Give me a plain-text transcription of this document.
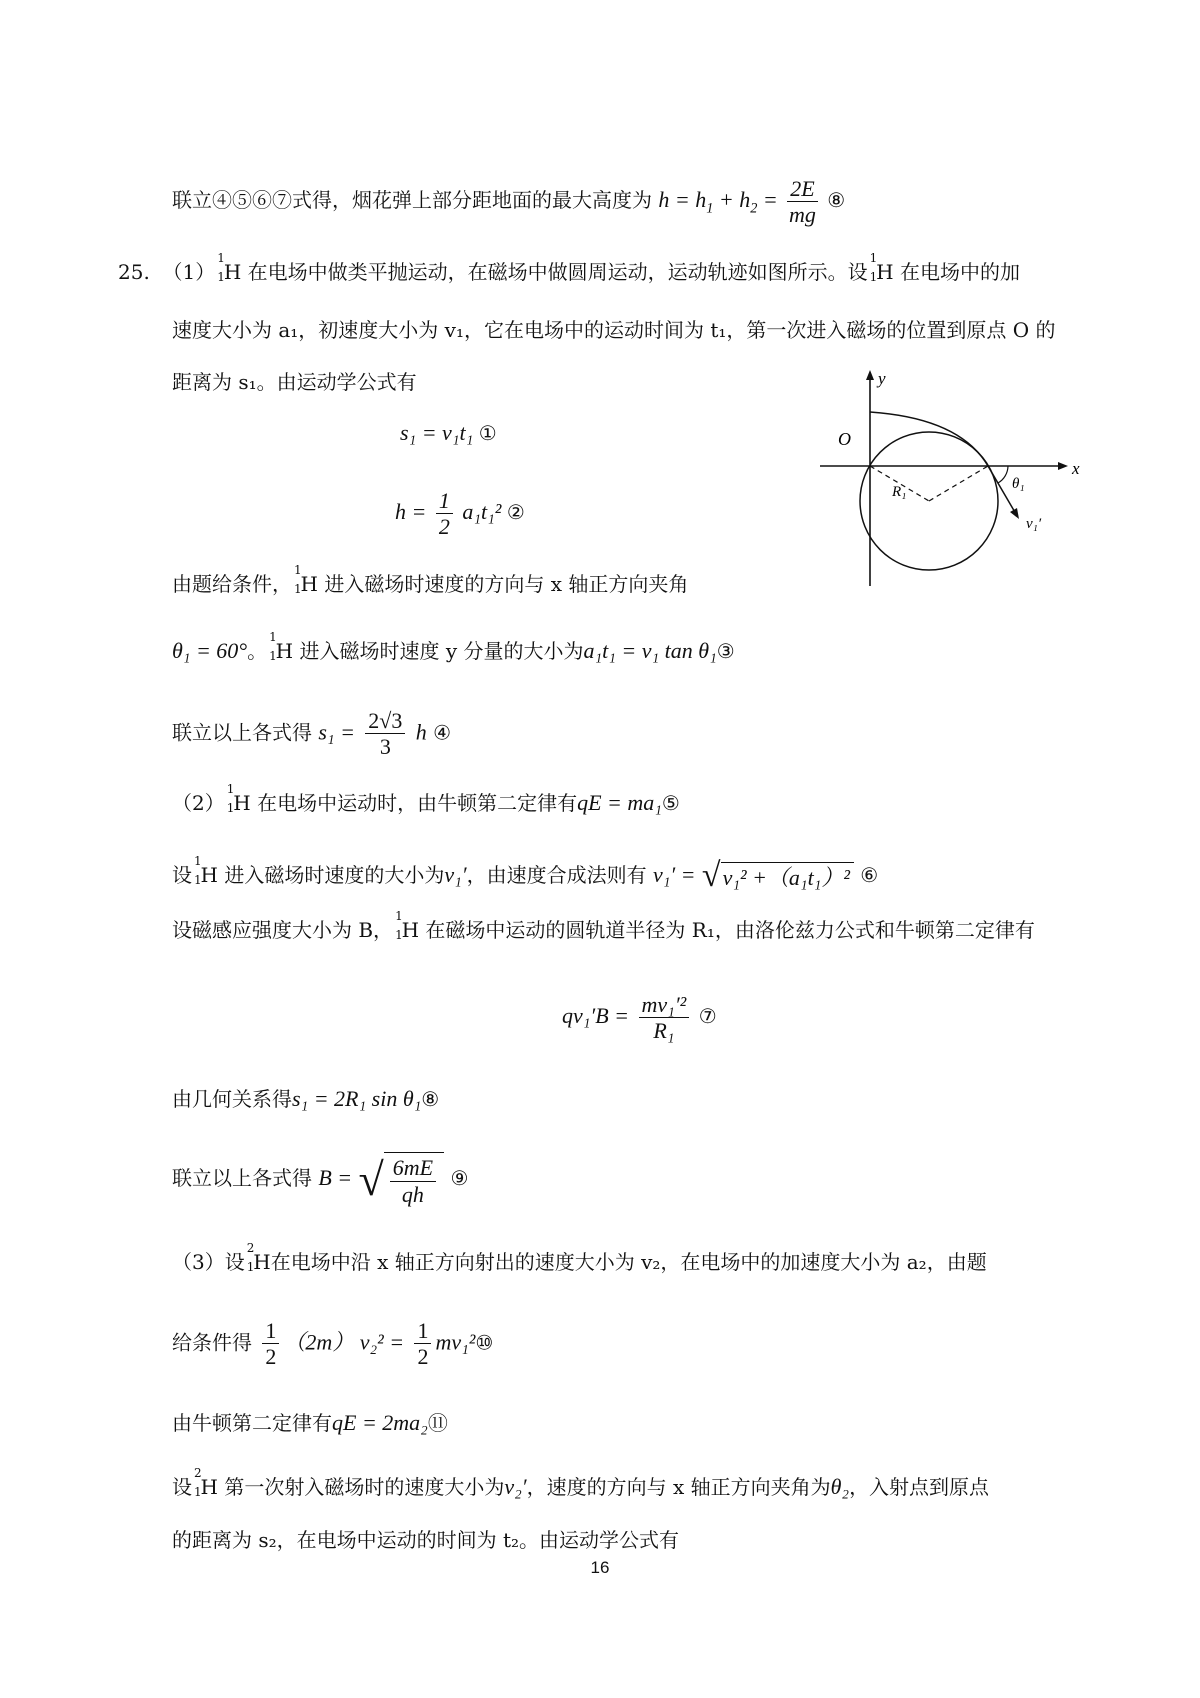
联立④⑤⑥⑦式得，烟花弹上部分距地面的最大高度为 $h = h_1 + h_2 = \frac{2E}{mg}$ ⑧
25. （1）
1
1
H 在电场中做类平抛运动，在磁场中做圆周运动，运动轨迹如图所示。设
1
1
H 在电场中的加
速度大小为 a₁，初速度大小为 v₁，它在电场中的运动时间为 t₁，第一次进入磁场的位置到原点 O 的
距离为 s₁。由运动学公式有
s₁ = v₁t₁ ①
$h = \frac{1}{2} a_1t_1^2$ ②
y
x
O
θ₁
R₁
v₁′
由题给条件，
1
1
H 进入磁场时速度的方向与 x 轴正方向夹角
θ₁ = 60°。
1
1
H 进入磁场时速度 y 分量的大小为a₁t₁ = v₁ tan θ₁③
联立以上各式得 $s_1 = \frac{2√3}{3}$ h ④
（2）
1
1
H 在电场中运动时，由牛顿第二定律有qE = ma₁⑤
设
1
1
H 进入磁场时速度的大小为v₁′，由速度合成法则有 v₁′ = √v₁² +（a₁t₁）² ⑥
设磁感应强度大小为 B，
1
1
H 在磁场中运动的圆轨道半径为 R₁，由洛伦兹力公式和牛顿第二定律有
$qv_1'B = \frac{\text{mv₁′²}}{\text{R₁}}$ ⑦
由几何关系得s₁ = 2R₁ sin θ₁⑧
联立以上各式得 B = √ $\frac{6mE}{qh}$ ⑨
（3）设
2
1
H在电场中沿 x 轴正方向射出的速度大小为 v₂，在电场中的加速度大小为 a₂，由题
给条件得 $\frac{1}{2} (2m) v_2^2 = \frac{1}{2}$ mv₁²⑩
由牛顿第二定律有qE = 2ma₂⑪
设
2
1
H 第一次射入磁场时的速度大小为v₂′，速度的方向与 x 轴正方向夹角为θ₂，入射点到原点
的距离为 s₂，在电场中运动的时间为 t₂。由运动学公式有
16
